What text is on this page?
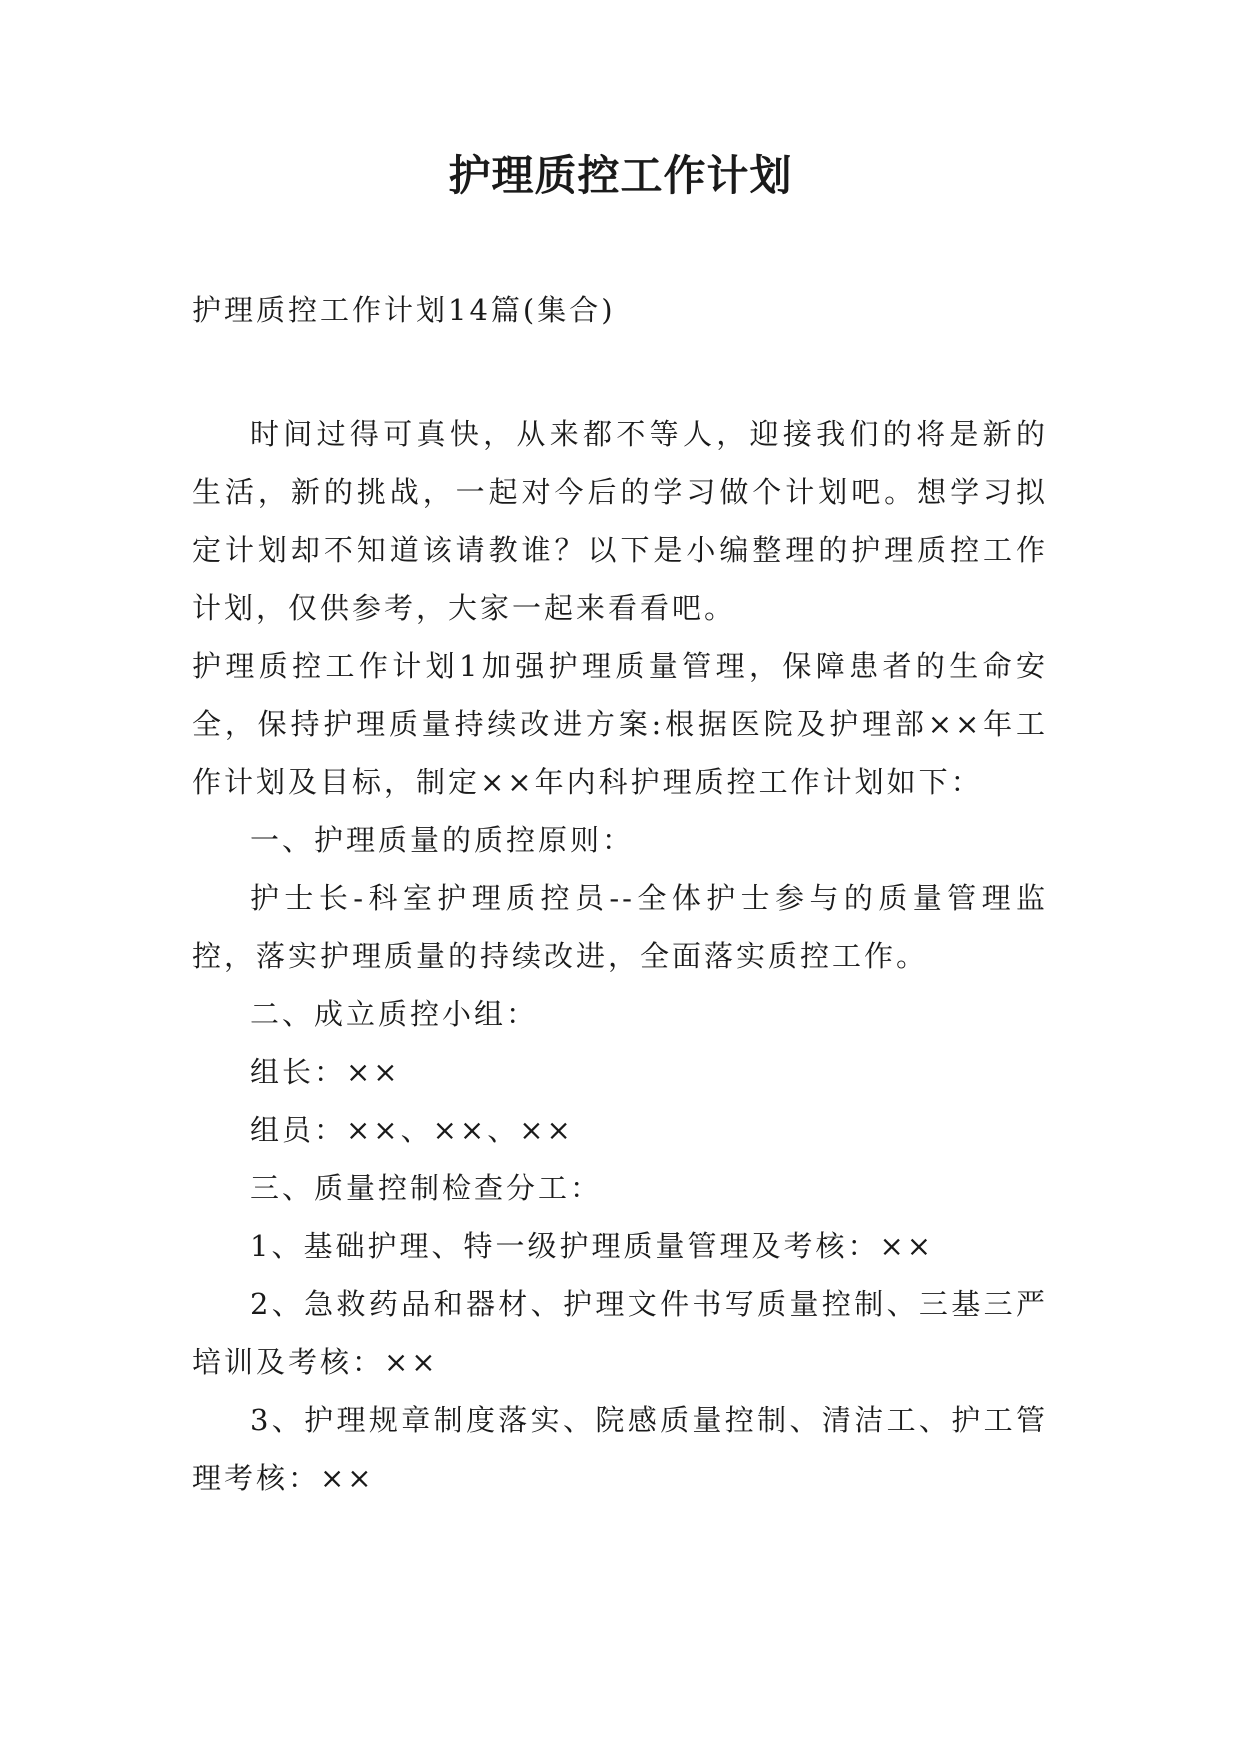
护理质控工作计划

护理质控工作计划14篇(集合)

时间过得可真快，从来都不等人，迎接我们的将是新的生活，新的挑战，一起对今后的学习做个计划吧。想学习拟定计划却不知道该请教谁？以下是小编整理的护理质控工作计划，仅供参考，大家一起来看看吧。

护理质控工作计划1加强护理质量管理，保障患者的生命安全，保持护理质量持续改进方案:根据医院及护理部××年工作计划及目标，制定××年内科护理质控工作计划如下：

一、护理质量的质控原则：

护士长-科室护理质控员--全体护士参与的质量管理监控，落实护理质量的持续改进，全面落实质控工作。

二、成立质控小组：

组长：××

组员：××、××、××

三、质量控制检查分工：

1、基础护理、特一级护理质量管理及考核：××

2、急救药品和器材、护理文件书写质量控制、三基三严培训及考核：××

3、护理规章制度落实、院感质量控制、清洁工、护工管理考核：××
